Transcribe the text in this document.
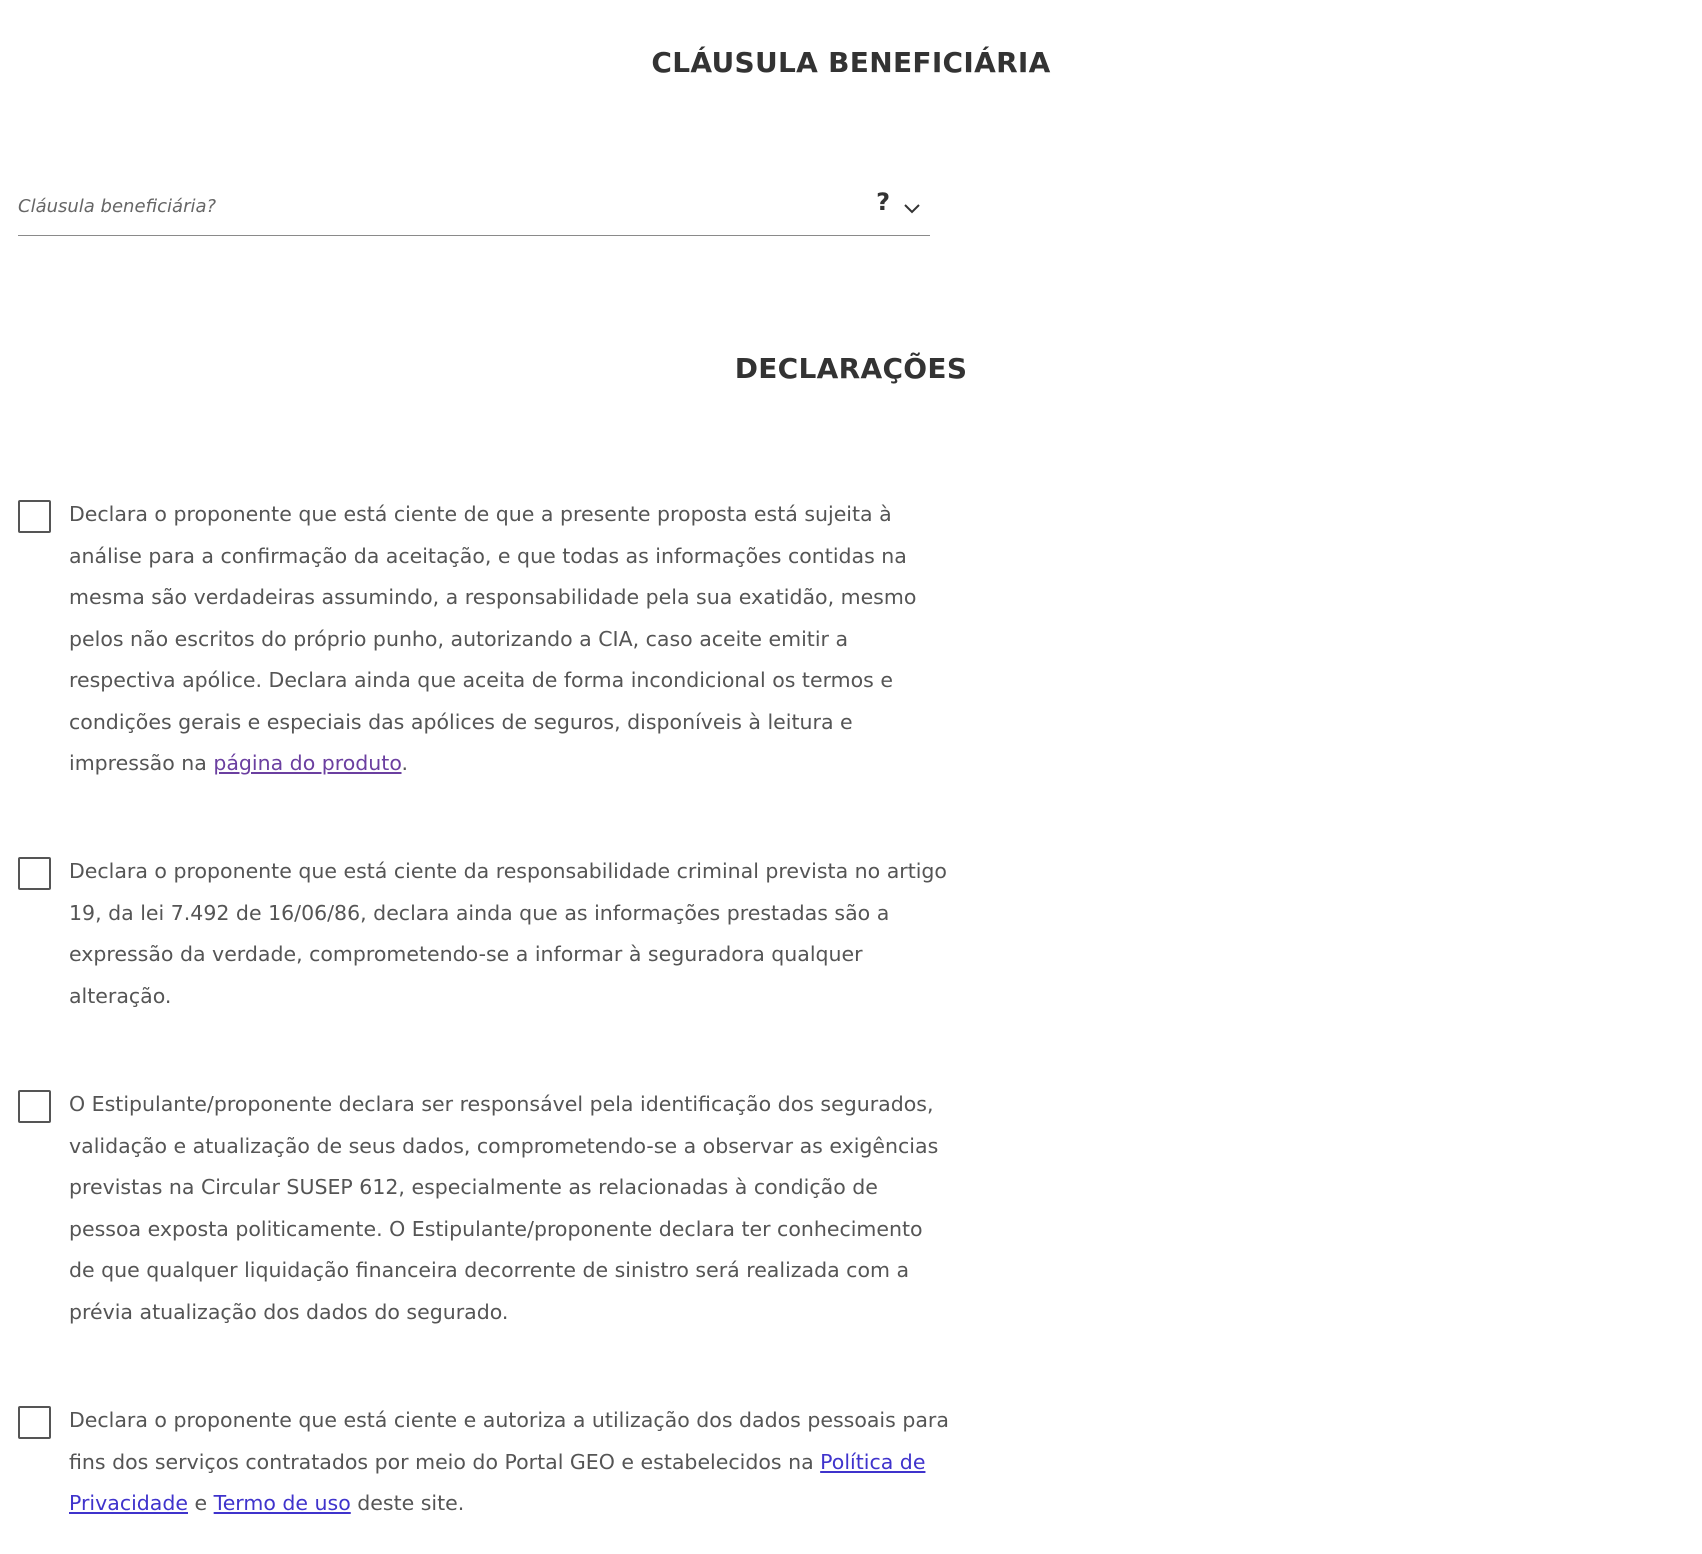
CLÁUSULA BENEFICIÁRIA
Cláusula beneficiária?	?
DECLARAÇÕES

Declara o proponente que está ciente de que a presente proposta está sujeita à análise para a confirmação da aceitação, e que todas as informações contidas na mesma são verdadeiras assumindo, a responsabilidade pela sua exatidão, mesmo pelos não escritos do próprio punho, autorizando a CIA, caso aceite emitir a respectiva apólice. Declara ainda que aceita de forma incondicional os termos e condições gerais e especiais das apólices de seguros, disponíveis à leitura e impressão na página do produto.

Declara o proponente que está ciente da responsabilidade criminal prevista no artigo 19, da lei 7.492 de 16/06/86, declara ainda que as informações prestadas são a expressão da verdade, comprometendo-se a informar à seguradora qualquer alteração.

O Estipulante/proponente declara ser responsável pela identificação dos segurados, validação e atualização de seus dados, comprometendo-se a observar as exigências previstas na Circular SUSEP 612, especialmente as relacionadas à condição de pessoa exposta politicamente. O Estipulante/proponente declara ter conhecimento de que qualquer liquidação financeira decorrente de sinistro será realizada com a prévia atualização dos dados do segurado.

Declara o proponente que está ciente e autoriza a utilização dos dados pessoais para fins dos serviços contratados por meio do Portal GEO e estabelecidos na Política de Privacidade e Termo de uso deste site.
